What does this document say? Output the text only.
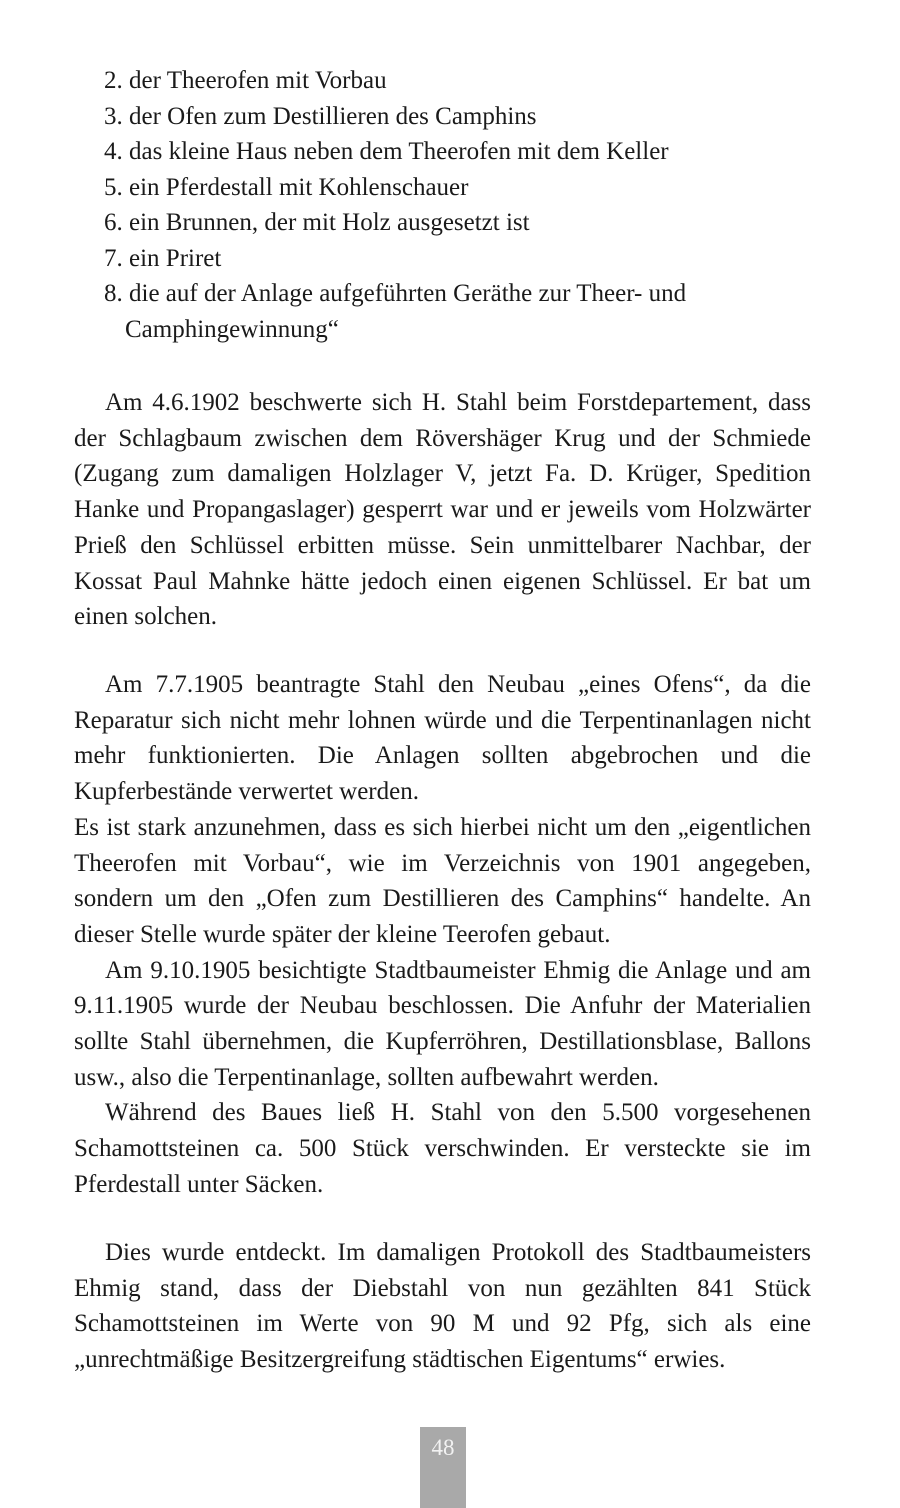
2. der Theerofen mit Vorbau
3. der Ofen zum Destillieren des Camphins
4. das kleine Haus neben dem Theerofen mit dem Keller
5. ein Pferdestall mit Kohlenschauer
6. ein Brunnen, der mit Holz ausgesetzt ist
7. ein Priret
8. die auf der Anlage aufgeführten Geräthe zur Theer- und
Camphingewinnung“

Am 4.6.1902 beschwerte sich H. Stahl beim Forstdepartement, dass der Schlagbaum zwischen dem Rövershäger Krug und der Schmiede (Zugang zum damaligen Holzlager V, jetzt Fa. D. Krüger, Spedition Hanke und Propangaslager) gesperrt war und er jeweils vom Holzwärter Prieß den Schlüssel erbitten müsse. Sein unmittelbarer Nachbar, der Kossat Paul Mahnke hätte jedoch einen eigenen Schlüssel. Er bat um einen solchen.

Am 7.7.1905 beantragte Stahl den Neubau „eines Ofens“, da die Reparatur sich nicht mehr lohnen würde und die Terpentinanlagen nicht mehr funktionierten. Die Anlagen sollten abgebrochen und die Kupferbestände verwertet werden.

Es ist stark anzunehmen, dass es sich hierbei nicht um den „eigentlichen Theerofen mit Vorbau“, wie im Verzeichnis von 1901 angegeben, sondern um den „Ofen zum Destillieren des Camphins“ handelte. An dieser Stelle wurde später der kleine Teerofen gebaut.

Am 9.10.1905 besichtigte Stadtbaumeister Ehmig die Anlage und am 9.11.1905 wurde der Neubau beschlossen. Die Anfuhr der Materialien sollte Stahl übernehmen, die Kupferröhren, Destillationsblase, Ballons usw., also die Terpentinanlage, sollten aufbewahrt werden.

Während des Baues ließ H. Stahl von den 5.500 vorgesehenen Schamottsteinen ca. 500 Stück verschwinden. Er versteckte sie im Pferdestall unter Säcken.

Dies wurde entdeckt. Im damaligen Protokoll des Stadtbaumeisters Ehmig stand, dass der Diebstahl von nun gezählten 841 Stück Schamottsteinen im Werte von 90 M und 92 Pfg, sich als eine „unrechtmäßige Besitzergreifung städtischen Eigentums“ erwies.

48
